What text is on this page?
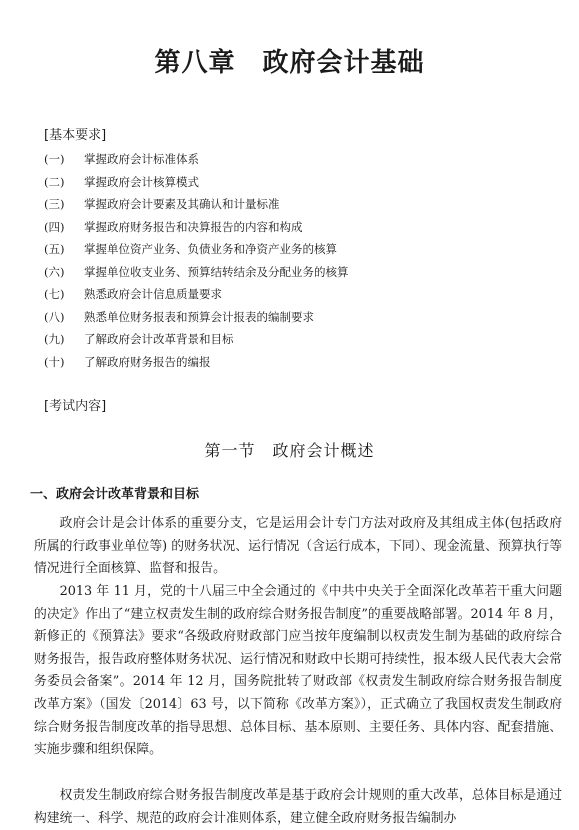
第八章　政府会计基础
[基本要求]
(一) 掌握政府会计标准体系
(二) 掌握政府会计核算模式
(三) 掌握政府会计要素及其确认和计量标准
(四) 掌握政府财务报告和决算报告的内容和构成
(五) 掌握单位资产业务、负债业务和净资产业务的核算
(六) 掌握单位收支业务、预算结转结余及分配业务的核算
(七) 熟悉政府会计信息质量要求
(八) 熟悉单位财务报表和预算会计报表的编制要求
(九) 了解政府会计改革背景和目标
(十) 了解政府财务报告的编报
[考试内容]
第一节　政府会计概述
一、政府会计改革背景和目标

政府会计是会计体系的重要分支，它是运用会计专门方法对政府及其组成主体(包括政府所属的行政事业单位等) 的财务状况、运行情况（含运行成本，下同）、现金流量、预算执行等情况进行全面核算、监督和报告。

2013 年 11 月，党的十八届三中全会通过的《中共中央关于全面深化改革若干重大问题的决定》作出了“建立权责发生制的政府综合财务报告制度”的重要战略部署。2014 年 8 月，新修正的《预算法》要求“各级政府财政部门应当按年度编制以权责发生制为基础的政府综合财务报告，报告政府整体财务状况、运行情况和财政中长期可持续性，报本级人民代表大会常务委员会备案”。2014 年 12 月，国务院批转了财政部《权责发生制政府综合财务报告制度改革方案》（国发〔2014〕63 号，以下简称《改革方案》），正式确立了我国权责发生制政府综合财务报告制度改革的指导思想、总体目标、基本原则、主要任务、具体内容、配套措施、实施步骤和组织保障。

权责发生制政府综合财务报告制度改革是基于政府会计规则的重大改革，总体目标是通过构建统一、科学、规范的政府会计准则体系，建立健全政府财务报告编制办
